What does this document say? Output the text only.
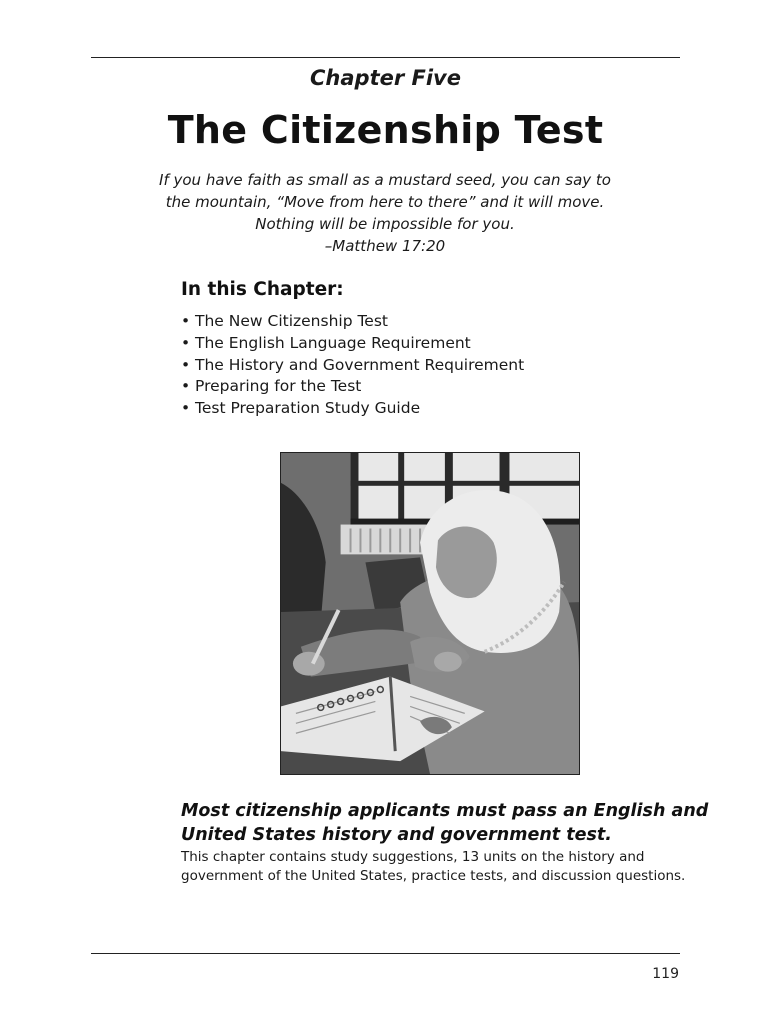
Chapter Five
The Citizenship Test
If you have faith as small as a mustard seed, you can say to
the mountain, “Move from here to there” and it will move.
Nothing will be impossible for you.
–Matthew 17:20
In this Chapter:
• The New Citizenship Test
• The English Language Requirement
• The History and Government Requirement
• Preparing for the Test
• Test Preparation Study Guide
Most citizenship applicants must pass an English and
United States history and government test.
This chapter contains study suggestions, 13 units on the history and
government of the United States, practice tests, and discussion questions.
119
